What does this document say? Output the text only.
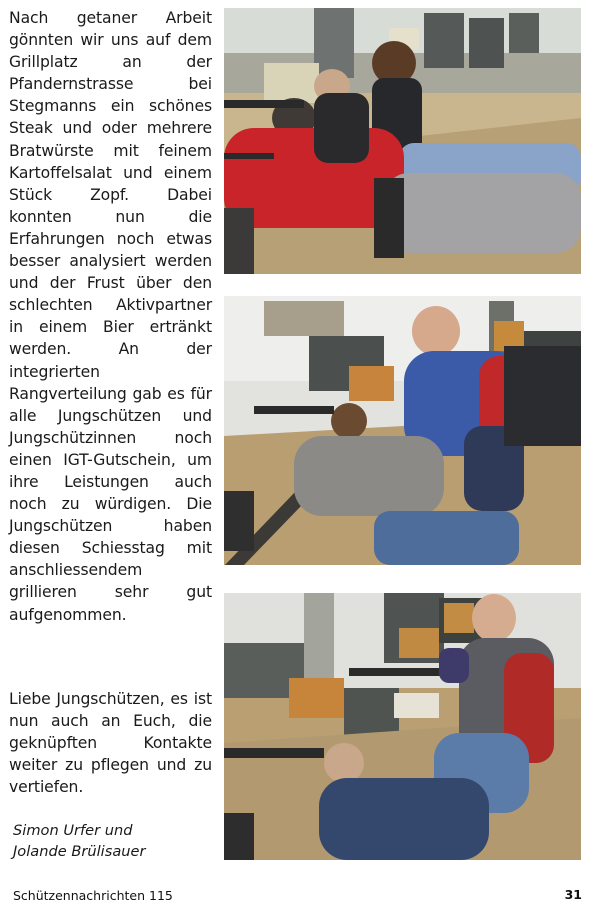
Nach getaner Arbeit gönnten wir uns auf dem Grillplatz an der Pfandernstrasse bei Stegmanns ein schönes Steak und oder mehrere Bratwürste mit feinem Kartoffelsalat und einem Stück Zopf. Dabei konnten nun die Erfahrungen noch etwas besser analysiert werden und der Frust über den schlechten Aktivpartner in einem Bier ertränkt werden. An der integrierten Rangverteilung gab es für alle Jungschützen und Jungschützinnen noch einen IGT-Gutschein, um ihre Leistungen auch noch zu würdigen. Die Jungschützen haben diesen Schiesstag mit anschliessendem grillieren sehr gut aufgenommen.

Liebe Jungschützen, es ist nun auch an Euch, die geknüpften Kontakte weiter zu pflegen und zu vertiefen.

Simon Urfer und
Jolande Brülisauer
Schützennachrichten 115	31
